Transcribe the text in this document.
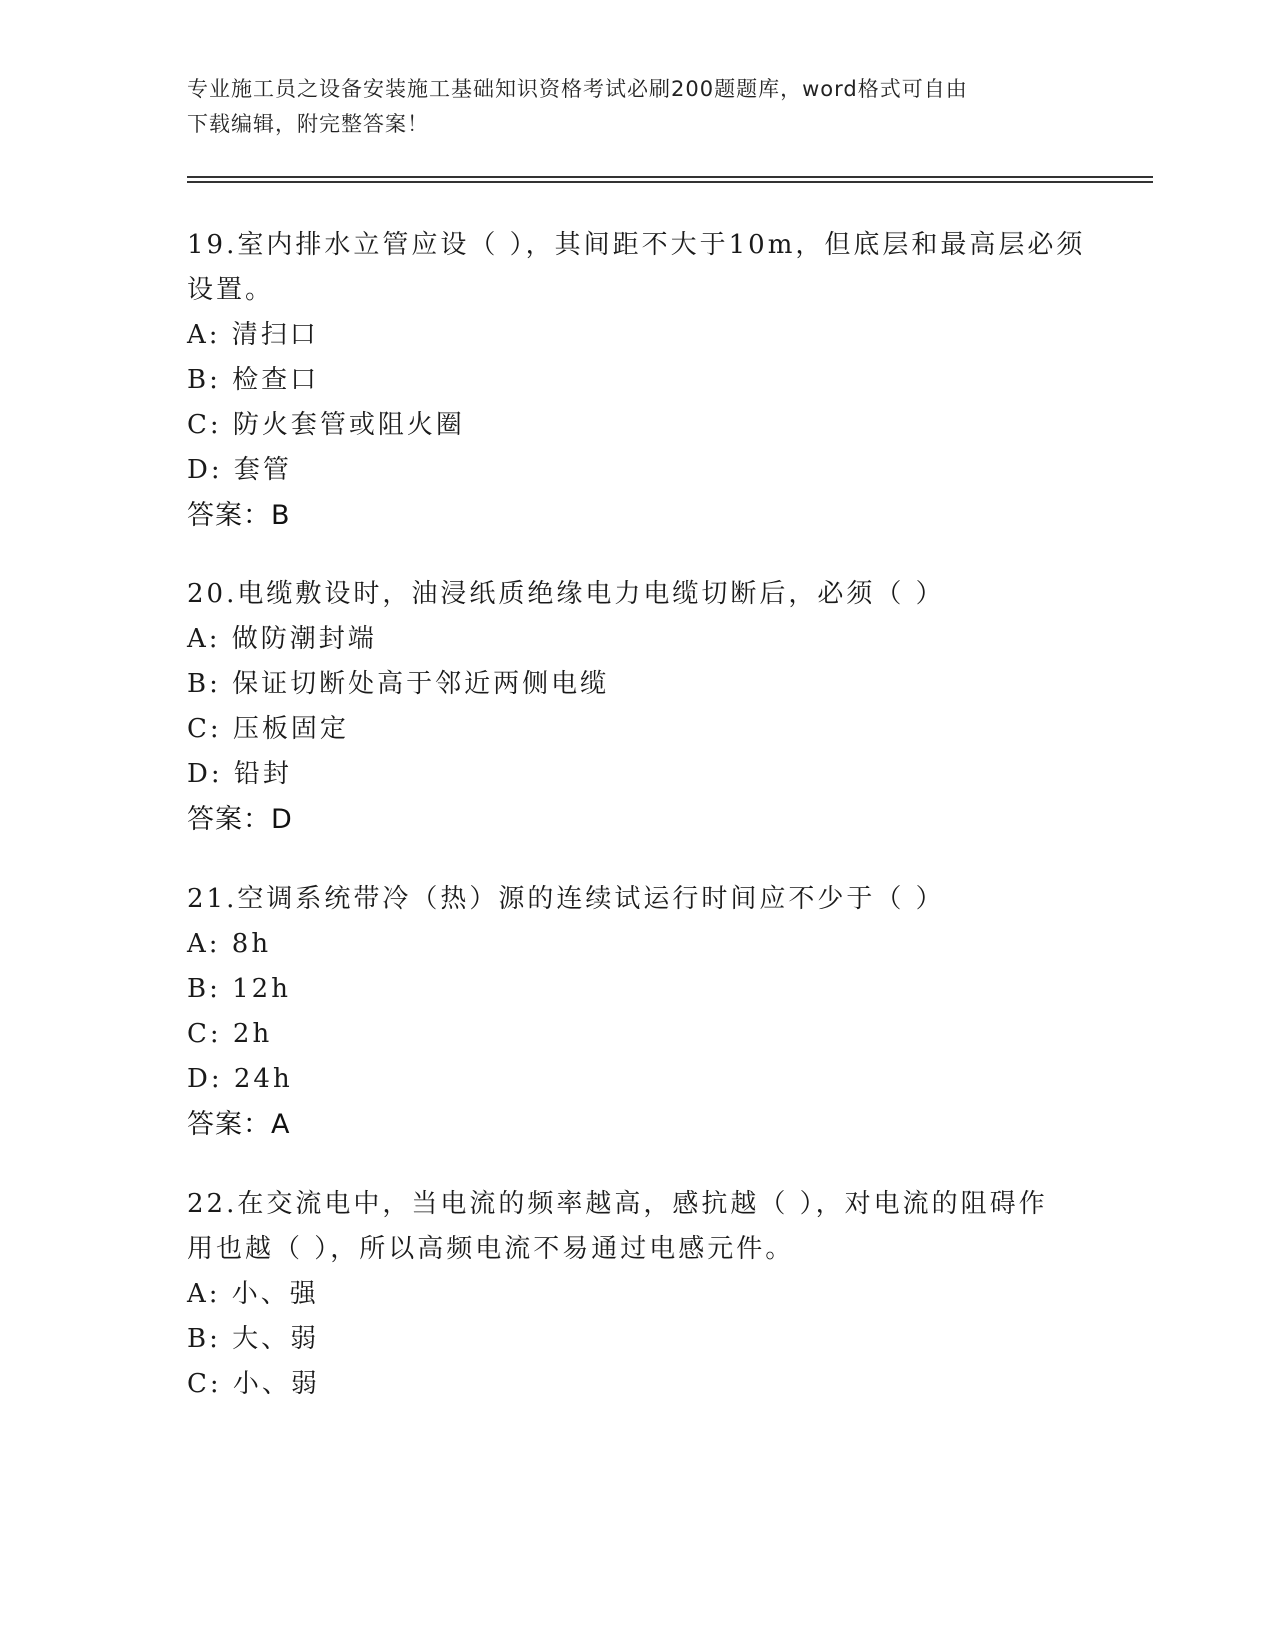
专业施工员之设备安装施工基础知识资格考试必刷200题题库，word格式可自由
下载编辑，附完整答案！
19.室内排水立管应设（ ），其间距不大于10m，但底层和最高层必须
设置。
A: 清扫口
B: 检查口
C: 防火套管或阻火圈
D: 套管
答案：B
20.电缆敷设时，油浸纸质绝缘电力电缆切断后，必须（ ）
A: 做防潮封端
B: 保证切断处高于邻近两侧电缆
C: 压板固定
D: 铅封
答案：D
21.空调系统带冷（热）源的连续试运行时间应不少于（ ）
A: 8h
B: 12h
C: 2h
D: 24h
答案：A
22.在交流电中，当电流的频率越高，感抗越（ ），对电流的阻碍作
用也越（ ），所以高频电流不易通过电感元件。
A: 小、强
B: 大、弱
C: 小、弱
